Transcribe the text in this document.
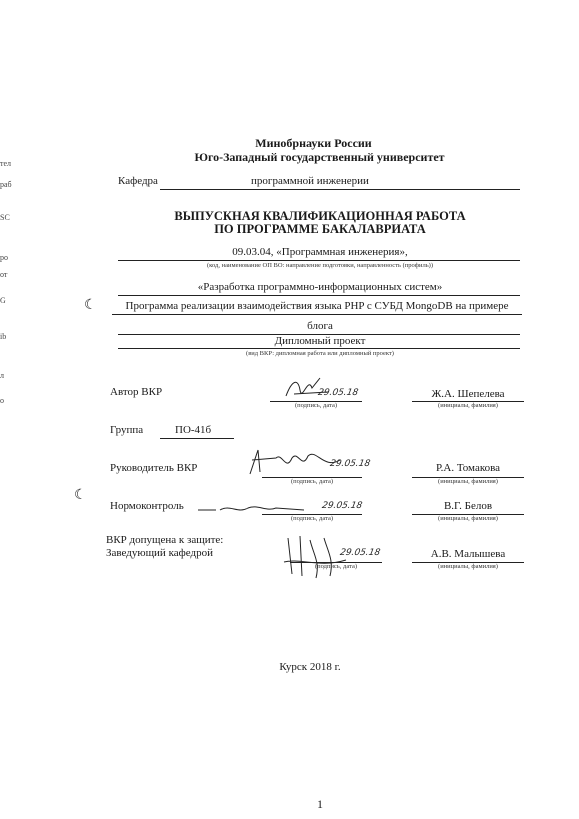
тел
раб
SC
ро
от
G
ib
л
о
☾
☾
Минобрнауки России
Юго-Западный государственный университет
Кафедра	программной инженерии
ВЫПУСКНАЯ КВАЛИФИКАЦИОННАЯ РАБОТА
ПО ПРОГРАММЕ БАКАЛАВРИАТА
09.03.04, «Программная инженерия»,
(код, наименование ОП ВО: направление подготовки, направленность (профиль))
«Разработка программно-информационных систем»
Программа реализации взаимодействия языка PHP с СУБД MongoDB на примере
блога
Дипломный проект
(вид ВКР: дипломная работа или дипломный проект)
Автор ВКР	29.05.18
(подпись, дата)
Ж.А. Шепелева
(инициалы, фамилия)
Группа	ПО-41б
Руководитель ВКР	29.05.18
(подпись, дата)
Р.А. Томакова
(инициалы, фамилия)
Нормоконтроль	29.05.18
(подпись, дата)
В.Г. Белов
(инициалы, фамилия)
ВКР допущена к защите:
Заведующий кафедрой	29.05.18
(подпись, дата)
А.В. Малышева
(инициалы, фамилия)
Курск 2018 г.
1
